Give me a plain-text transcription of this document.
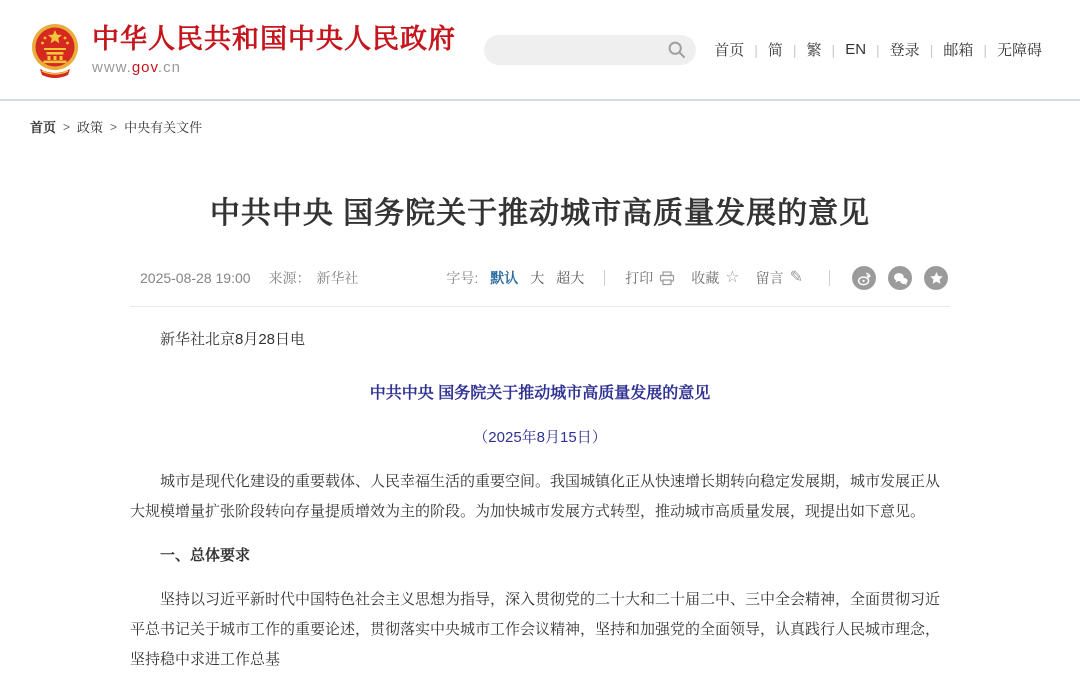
中华人民共和国中央人民政府
www.gov.cn
首页 | 简 | 繁 | EN | 登录 | 邮箱 | 无障碍
首页 > 政策 > 中央有关文件
中共中央 国务院关于推动城市高质量发展的意见
2025-08-28 19:00 来源： 新华社	字号: 默认 大 超大	打印	收藏 ☆ 留言 ✎

新华社北京8月28日电

中共中央 国务院关于推动城市高质量发展的意见

（2025年8月15日）

城市是现代化建设的重要载体、人民幸福生活的重要空间。我国城镇化正从快速增长期转向稳定发展期，城市发展正从大规模增量扩张阶段转向存量提质增效为主的阶段。为加快城市发展方式转型，推动城市高质量发展，现提出如下意见。

一、总体要求

坚持以习近平新时代中国特色社会主义思想为指导，深入贯彻党的二十大和二十届二中、三中全会精神，全面贯彻习近平总书记关于城市工作的重要论述，贯彻落实中央城市工作会议精神，坚持和加强党的全面领导，认真践行人民城市理念，坚持稳中求进工作总基
